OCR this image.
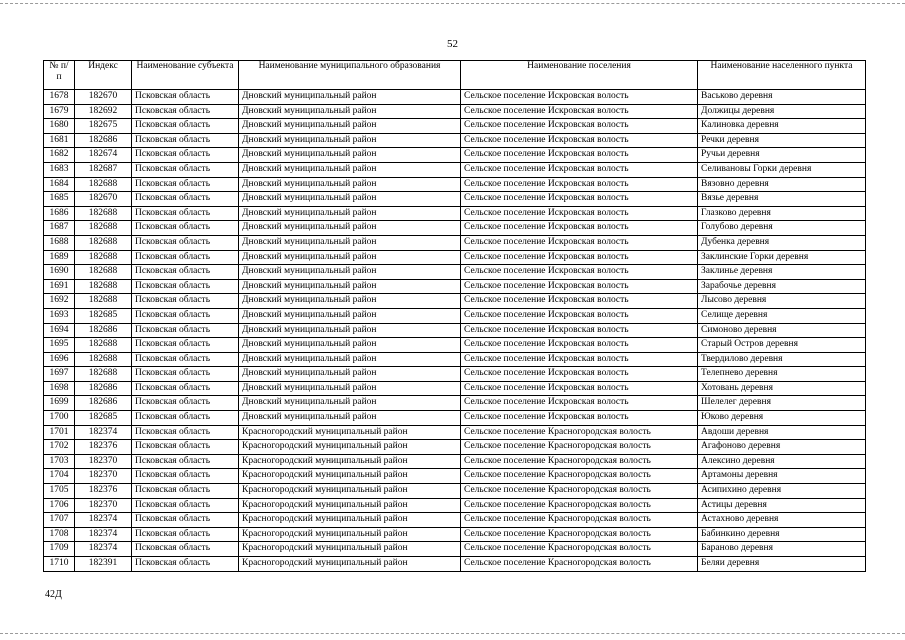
52
№ п/п	Индекс	Наименование субъекта	Наименование муниципального образования	Наименование поселения	Наименование населенного пункта
1678	182670	Псковская область	Дновский муниципальный район	Сельское поселение Искровская волость	Васьково деревня
1679	182692	Псковская область	Дновский муниципальный район	Сельское поселение Искровская волость	Должицы деревня
1680	182675	Псковская область	Дновский муниципальный район	Сельское поселение Искровская волость	Калиновка деревня
1681	182686	Псковская область	Дновский муниципальный район	Сельское поселение Искровская волость	Речки деревня
1682	182674	Псковская область	Дновский муниципальный район	Сельское поселение Искровская волость	Ручьи деревня
1683	182687	Псковская область	Дновский муниципальный район	Сельское поселение Искровская волость	Селивановы Горки деревня
1684	182688	Псковская область	Дновский муниципальный район	Сельское поселение Искровская волость	Вязовно деревня
1685	182670	Псковская область	Дновский муниципальный район	Сельское поселение Искровская волость	Вязье деревня
1686	182688	Псковская область	Дновский муниципальный район	Сельское поселение Искровская волость	Глазково деревня
1687	182688	Псковская область	Дновский муниципальный район	Сельское поселение Искровская волость	Голубово деревня
1688	182688	Псковская область	Дновский муниципальный район	Сельское поселение Искровская волость	Дубенка деревня
1689	182688	Псковская область	Дновский муниципальный район	Сельское поселение Искровская волость	Заклинские Горки деревня
1690	182688	Псковская область	Дновский муниципальный район	Сельское поселение Искровская волость	Заклинье деревня
1691	182688	Псковская область	Дновский муниципальный район	Сельское поселение Искровская волость	Зарабочье деревня
1692	182688	Псковская область	Дновский муниципальный район	Сельское поселение Искровская волость	Лысово деревня
1693	182685	Псковская область	Дновский муниципальный район	Сельское поселение Искровская волость	Селище деревня
1694	182686	Псковская область	Дновский муниципальный район	Сельское поселение Искровская волость	Симоново деревня
1695	182688	Псковская область	Дновский муниципальный район	Сельское поселение Искровская волость	Старый Остров деревня
1696	182688	Псковская область	Дновский муниципальный район	Сельское поселение Искровская волость	Твердилово деревня
1697	182688	Псковская область	Дновский муниципальный район	Сельское поселение Искровская волость	Телепнево деревня
1698	182686	Псковская область	Дновский муниципальный район	Сельское поселение Искровская волость	Хотовань деревня
1699	182686	Псковская область	Дновский муниципальный район	Сельское поселение Искровская волость	Шелелег деревня
1700	182685	Псковская область	Дновский муниципальный район	Сельское поселение Искровская волость	Юково деревня
1701	182374	Псковская область	Красногородский муниципальный район	Сельское поселение Красногородская волость	Авдоши деревня
1702	182376	Псковская область	Красногородский муниципальный район	Сельское поселение Красногородская волость	Агафоново деревня
1703	182370	Псковская область	Красногородский муниципальный район	Сельское поселение Красногородская волость	Алексино деревня
1704	182370	Псковская область	Красногородский муниципальный район	Сельское поселение Красногородская волость	Артамоны деревня
1705	182376	Псковская область	Красногородский муниципальный район	Сельское поселение Красногородская волость	Асипихино деревня
1706	182370	Псковская область	Красногородский муниципальный район	Сельское поселение Красногородская волость	Астицы деревня
1707	182374	Псковская область	Красногородский муниципальный район	Сельское поселение Красногородская волость	Астахново деревня
1708	182374	Псковская область	Красногородский муниципальный район	Сельское поселение Красногородская волость	Бабинкино деревня
1709	182374	Псковская область	Красногородский муниципальный район	Сельское поселение Красногородская волость	Бараново деревня
1710	182391	Псковская область	Красногородский муниципальный район	Сельское поселение Красногородская волость	Беляи деревня
42Д
